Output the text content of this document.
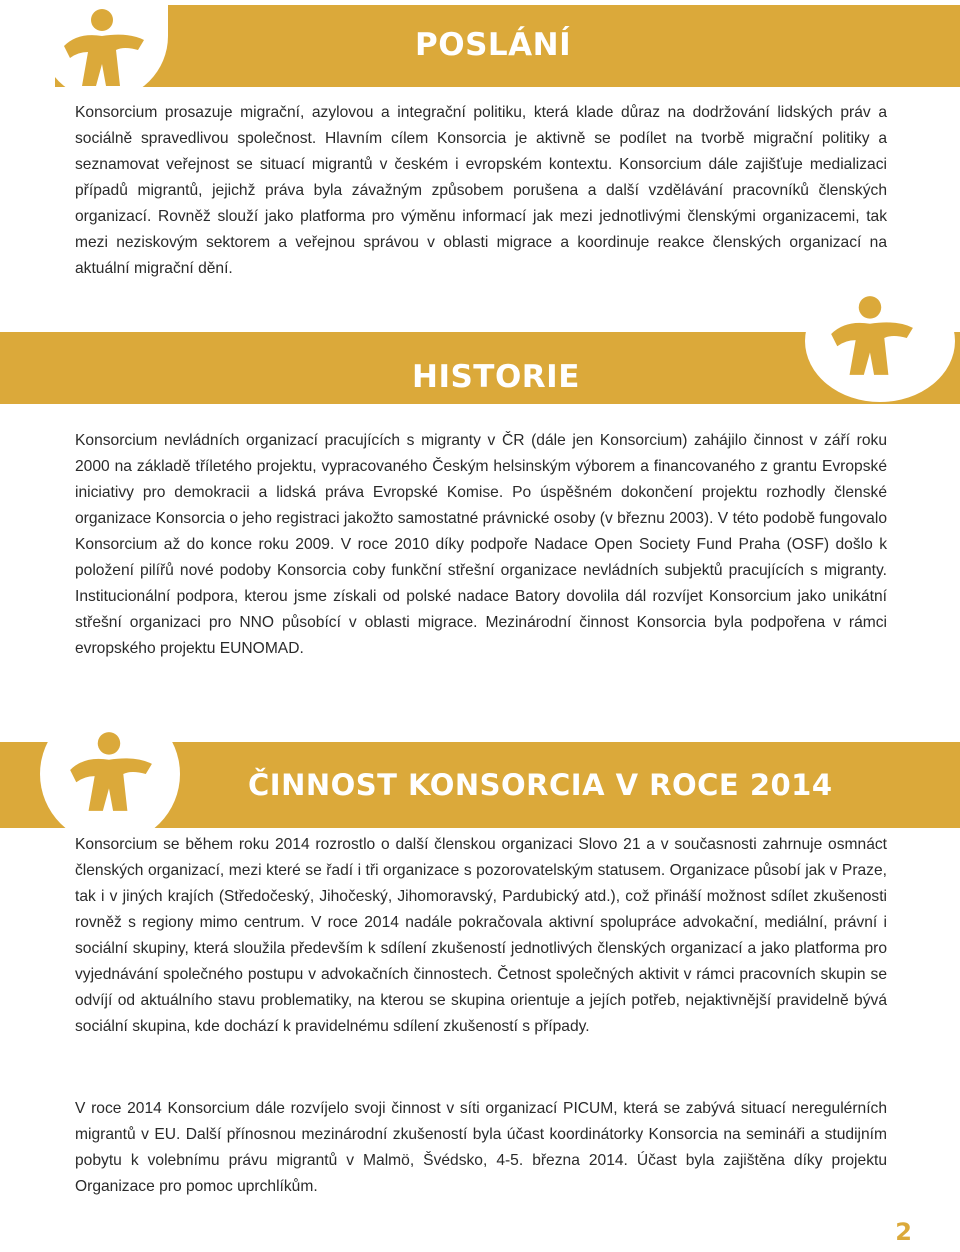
POSLÁNÍ

Konsorcium prosazuje migrační, azylovou a integrační politiku, která klade důraz na dodržování lidských práv a sociálně spravedlivou společnost. Hlavním cílem Konsorcia je aktivně se podílet na tvorbě migrační politiky a seznamovat veřejnost se situací migrantů v českém i evropském kontextu. Konsorcium dále zajišťuje medializaci případů migrantů, jejichž práva byla závažným způsobem porušena a další vzdělávání pracovníků členských organizací. Rovněž slouží jako platforma pro výměnu informací jak mezi jednotlivými členskými organizacemi, tak mezi neziskovým sektorem a veřejnou správou v oblasti migrace a koordinuje reakce členských organizací na aktuální migrační dění.

HISTORIE

Konsorcium nevládních organizací pracujících s migranty v ČR (dále jen Konsorcium) zahájilo činnost v září roku 2000 na základě tříletého projektu, vypracovaného Českým helsinským výborem a financovaného z grantu Evropské iniciativy pro demokracii a lidská práva Evropské Komise. Po úspěšném dokončení projektu rozhodly členské organizace Konsorcia o jeho registraci jakožto samostatné právnické osoby (v březnu 2003). V této podobě fungovalo Konsorcium až do konce roku 2009. V roce 2010 díky podpoře Nadace Open Society Fund Praha (OSF) došlo k položení pilířů nové podoby Konsorcia coby funkční střešní organizace nevládních subjektů pracujících s migranty. Institucionální podpora, kterou jsme získali od polské nadace Batory dovolila dál rozvíjet Konsorcium jako unikátní střešní organizaci pro NNO působící v oblasti migrace. Mezinárodní činnost Konsorcia byla podpořena v rámci evropského projektu EUNOMAD.

ČINNOST KONSORCIA V ROCE 2014

Konsorcium se během roku 2014 rozrostlo o další členskou organizaci Slovo 21 a v současnosti zahrnuje osmnáct členských organizací, mezi které se řadí i tři organizace s pozorovatelským statusem. Organizace působí jak v Praze, tak i v jiných krajích (Středočeský, Jihočeský, Jihomoravský, Pardubický atd.), což přináší možnost sdílet zkušenosti rovněž s regiony mimo centrum. V roce 2014 nadále pokračovala aktivní spolupráce advokační, mediální, právní i sociální skupiny, která sloužila především k sdílení zkušeností jednotlivých členských organizací a jako platforma pro vyjednávání společného postupu v advokačních činnostech. Četnost společných aktivit v rámci pracovních skupin se odvíjí od aktuálního stavu problematiky, na kterou se skupina orientuje a jejích potřeb, nejaktivnější pravidelně bývá sociální skupina, kde dochází k pravidelnému sdílení zkušeností s případy.

V roce 2014 Konsorcium dále rozvíjelo svoji činnost v síti organizací PICUM, která se zabývá situací neregulérních migrantů v EU. Další přínosnou mezinárodní zkušeností byla účast koordinátorky Konsorcia na semináři a studijním pobytu k volebnímu právu migrantů v Malmö, Švédsko, 4-5. března 2014. Účast byla zajištěna díky projektu Organizace pro pomoc uprchlíkům.

2
